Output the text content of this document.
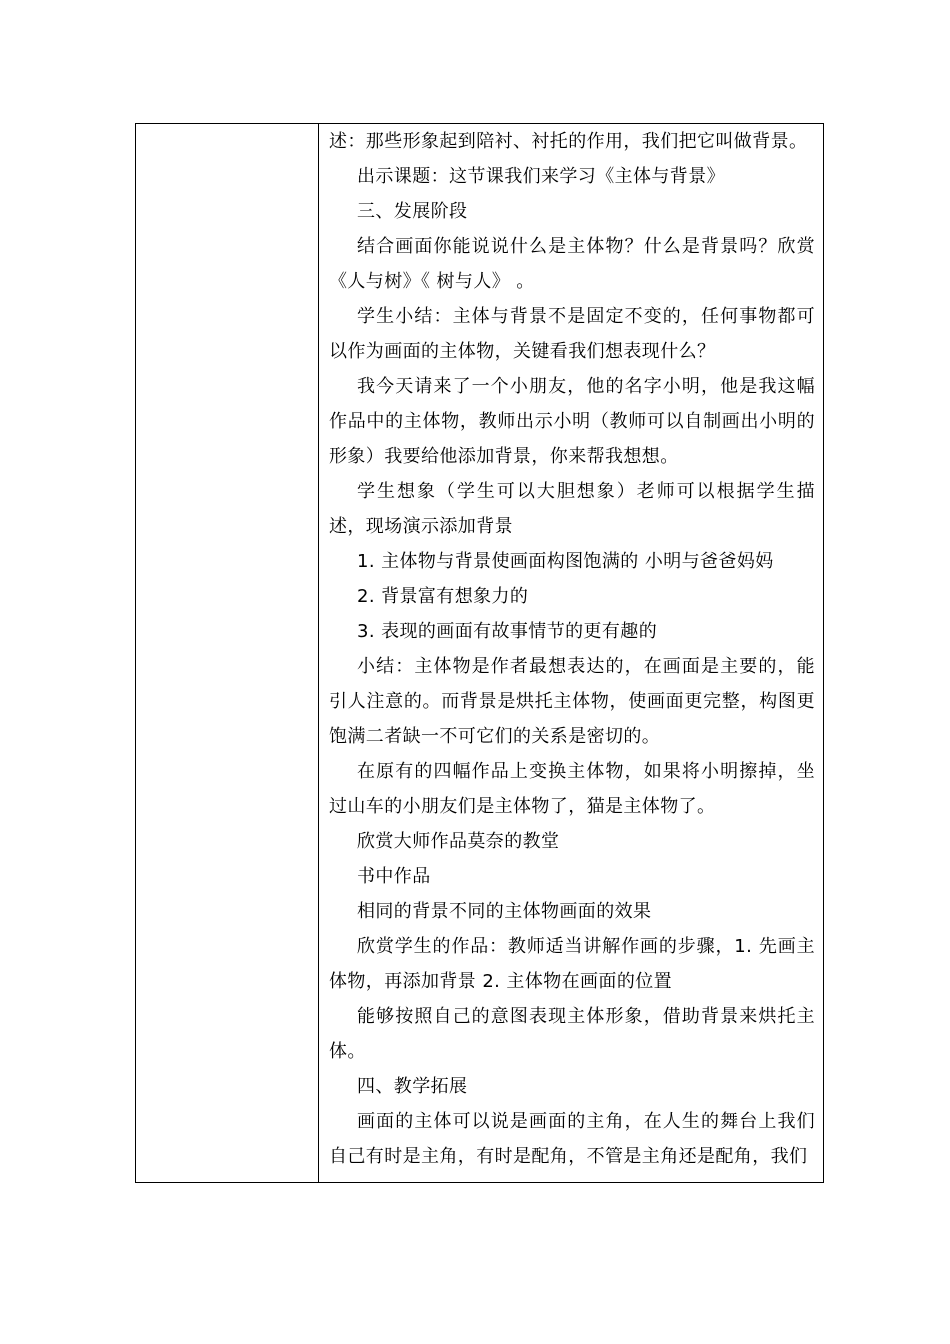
述：那些形象起到陪衬、衬托的作用，我们把它叫做背景。

出示课题：这节课我们来学习《主体与背景》

三、发展阶段

结合画面你能说说什么是主体物？什么是背景吗？欣赏《人与树》《 树与人》 。

学生小结：主体与背景不是固定不变的，任何事物都可以作为画面的主体物，关键看我们想表现什么？

我今天请来了一个小朋友，他的名字小明，他是我这幅作品中的主体物，教师出示小明（教师可以自制画出小明的形象）我要给他添加背景，你来帮我想想。

学生想象（学生可以大胆想象）老师可以根据学生描述，现场演示添加背景

1. 主体物与背景使画面构图饱满的 小明与爸爸妈妈

2. 背景富有想象力的

3. 表现的画面有故事情节的更有趣的

小结：主体物是作者最想表达的，在画面是主要的，能引人注意的。而背景是烘托主体物，使画面更完整，构图更饱满二者缺一不可它们的关系是密切的。

在原有的四幅作品上变换主体物，如果将小明擦掉，坐过山车的小朋友们是主体物了，猫是主体物了。

欣赏大师作品莫奈的教堂

书中作品

相同的背景不同的主体物画面的效果

欣赏学生的作品：教师适当讲解作画的步骤，1. 先画主体物，再添加背景 2. 主体物在画面的位置

能够按照自己的意图表现主体形象，借助背景来烘托主体。

四、教学拓展

画面的主体可以说是画面的主角，在人生的舞台上我们自己有时是主角，有时是配角，不管是主角还是配角，我们
